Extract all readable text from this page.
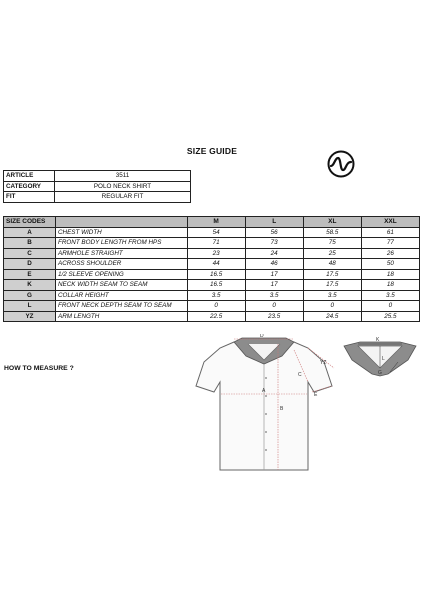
SIZE GUIDE
ARTICLE	3511
CATEGORY	POLO NECK SHIRT
FIT	REGULAR FIT
SIZE CODES		M	L	XL	XXL
A	CHEST WIDTH	54	56	58.5	61
B	FRONT BODY LENGTH FROM HPS	71	73	75	77
C	ARMHOLE STRAIGHT	23	24	25	26
D	ACROSS SHOULDER	44	46	48	50
E	1/2 SLEEVE OPENING	16.5	17	17.5	18
K	NECK WIDTH SEAM TO SEAM	16.5	17	17.5	18
G	COLLAR HEIGHT	3.5	3.5	3.5	3.5
L	FRONT NECK DEPTH SEAM TO SEAM	0	0	0	0
YZ	ARM LENGTH	22.5	23.5	24.5	25.5
HOW TO MEASURE ?
D
A
B
C
E
YZ
K
L
G
